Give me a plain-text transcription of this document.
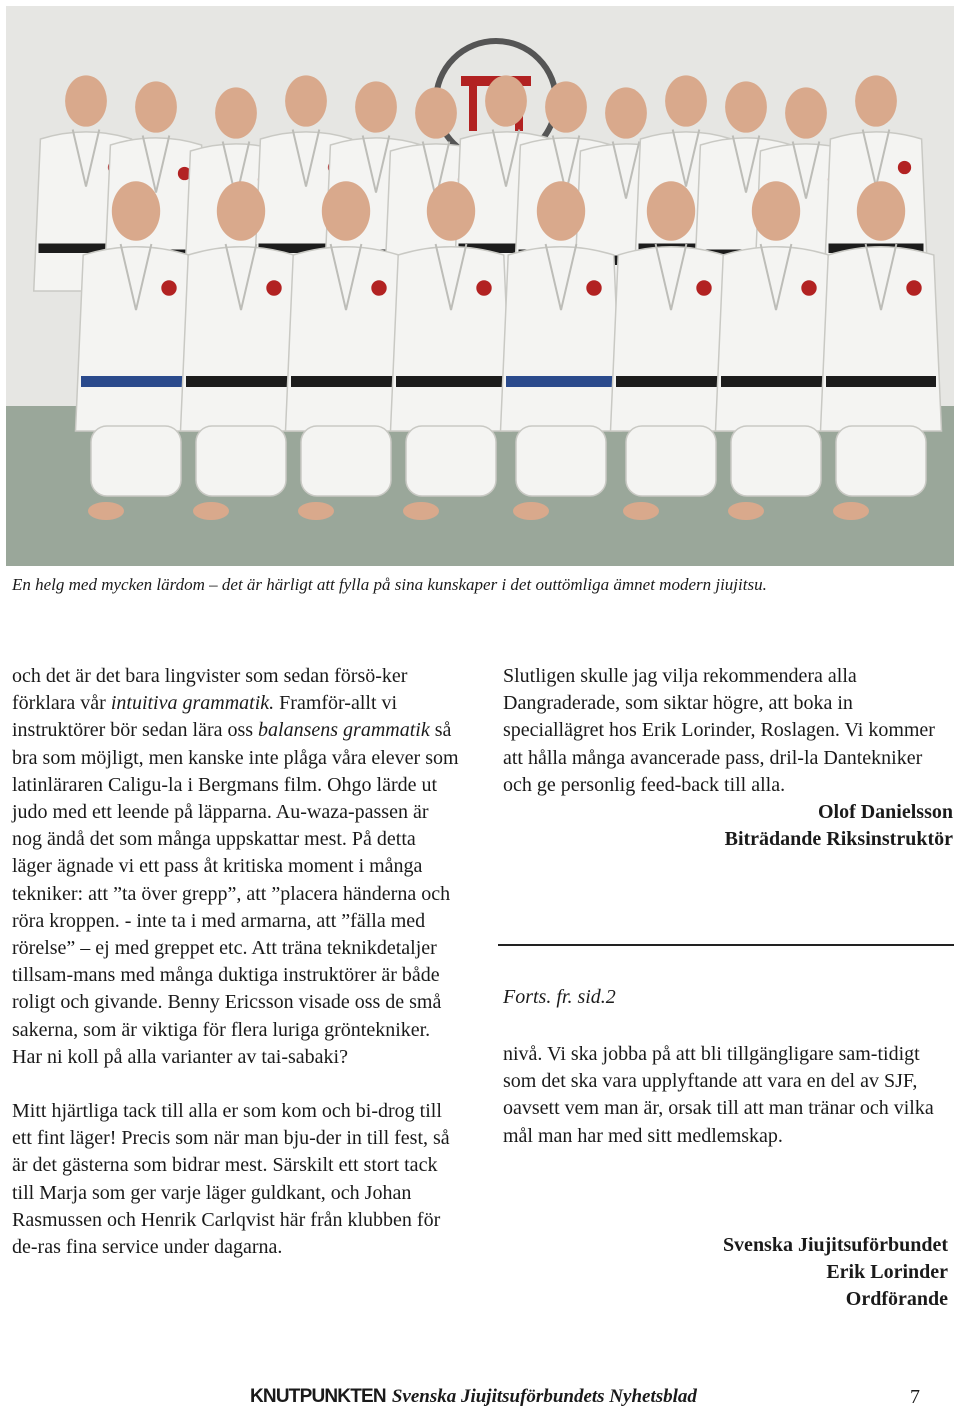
En helg med mycken lärdom – det är härligt att fylla på sina kunskaper i det outtömliga ämnet modern jiujitsu.

och det är det bara lingvister som sedan försö-ker förklara vår intuitiva grammatik. Framför-allt vi instruktörer bör sedan lära oss balansens grammatik så bra som möjligt, men kanske inte plåga våra elever som latinläraren Caligu-la i Bergmans film. Ohgo lärde ut judo med ett leende på läpparna. Au-waza-passen är nog ändå det som många uppskattar mest. På detta läger ägnade vi ett pass åt kritiska moment i många tekniker: att ”ta över grepp”, att ”placera händerna och röra kroppen. - inte ta i med armarna, att ”fälla med rörelse” – ej med greppet etc. Att träna teknikdetaljer tillsam-mans med många duktiga instruktörer är både roligt och givande. Benny Ericsson visade oss de små sakerna, som är viktiga för flera luriga gröntekniker. Har ni koll på alla varianter av tai-sabaki?

Mitt hjärtliga tack till alla er som kom och bi-drog till ett fint läger! Precis som när man bju-der in till fest, så är det gästerna som bidrar mest. Särskilt ett stort tack till Marja som ger varje läger guldkant, och Johan Rasmussen och Henrik Carlqvist här från klubben för de-ras fina service under dagarna.

Slutligen skulle jag vilja rekommendera alla Dangraderade, som siktar högre, att boka in speciallägret hos Erik Lorinder, Roslagen. Vi kommer att hålla många avancerade pass, dril-la Dantekniker och ge personlig feed-back till alla.

Olof Danielsson

Biträdande Riksinstruktör

Forts. fr. sid.2

nivå. Vi ska jobba på att bli tillgängligare sam-tidigt som det ska vara upplyftande att vara en del av SJF, oavsett vem man är, orsak till att man tränar och vilka mål man har med sitt medlemskap.

Svenska Jiujitsuförbundet
Erik Lorinder
Ordförande
KNUTPUNKTEN Svenska Jiujitsuförbundets Nyhetsblad	7
